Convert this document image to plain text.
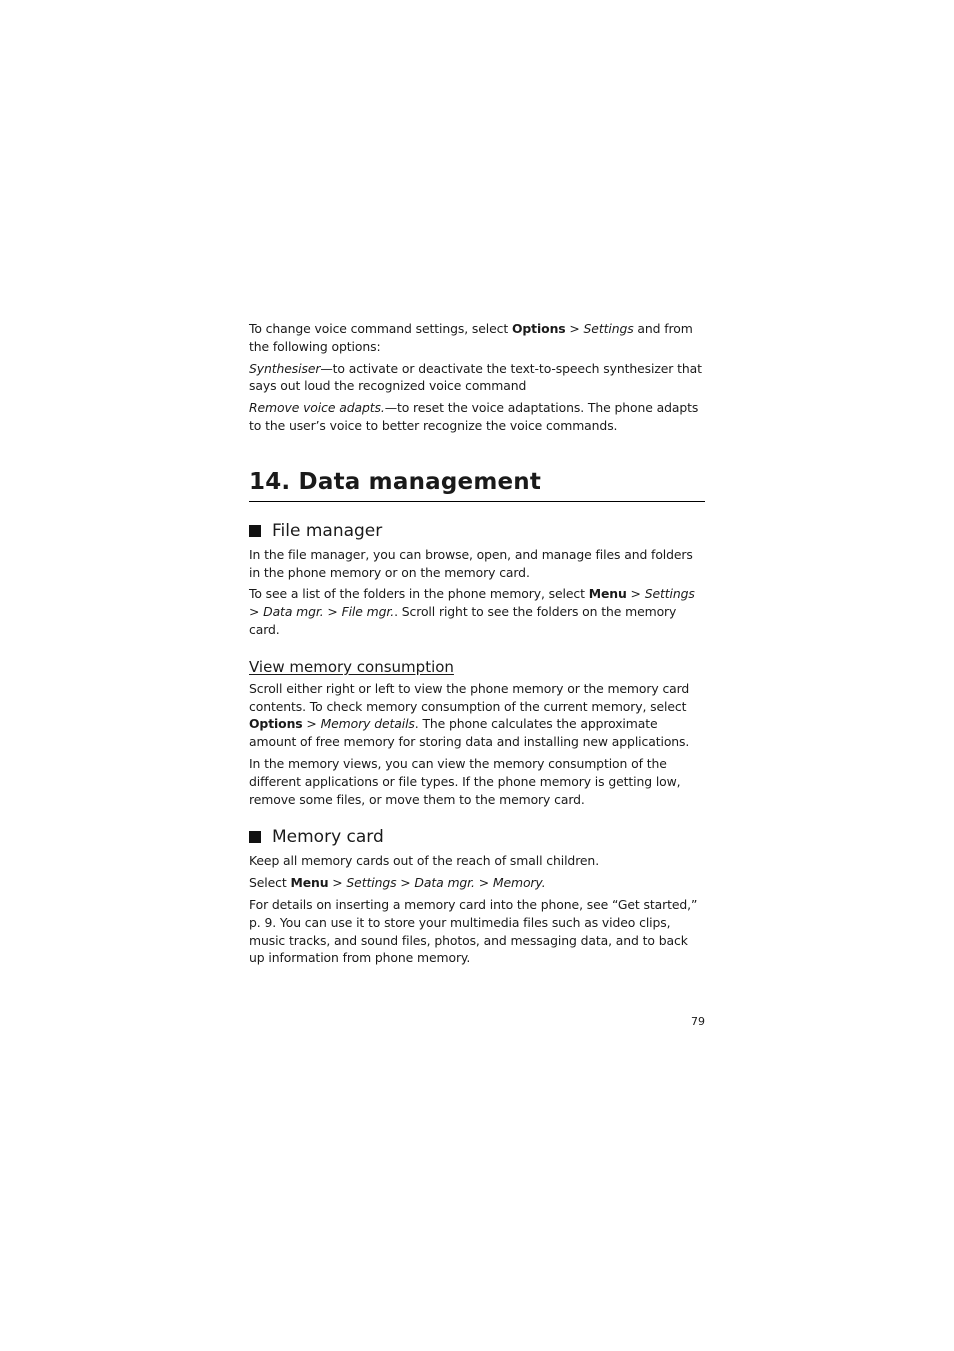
To change voice command settings, select Options > Settings and from the following options:

Synthesiser—to activate or deactivate the text-to-speech synthesizer that says out loud the recognized voice command

Remove voice adapts.—to reset the voice adaptations. The phone adapts to the user’s voice to better recognize the voice commands.

14. Data management
File manager

In the file manager, you can browse, open, and manage files and folders in the phone memory or on the memory card.

To see a list of the folders in the phone memory, select Menu > Settings > Data mgr. > File mgr.. Scroll right to see the folders on the memory card.

View memory consumption

Scroll either right or left to view the phone memory or the memory card contents. To check memory consumption of the current memory, select Options > Memory details. The phone calculates the approximate amount of free memory for storing data and installing new applications.

In the memory views, you can view the memory consumption of the different applications or file types. If the phone memory is getting low, remove some files, or move them to the memory card.

Memory card

Keep all memory cards out of the reach of small children.

Select Menu > Settings > Data mgr. > Memory.

For details on inserting a memory card into the phone, see “Get started,” p. 9. You can use it to store your multimedia files such as video clips, music tracks, and sound files, photos, and messaging data, and to back up information from phone memory.

79
